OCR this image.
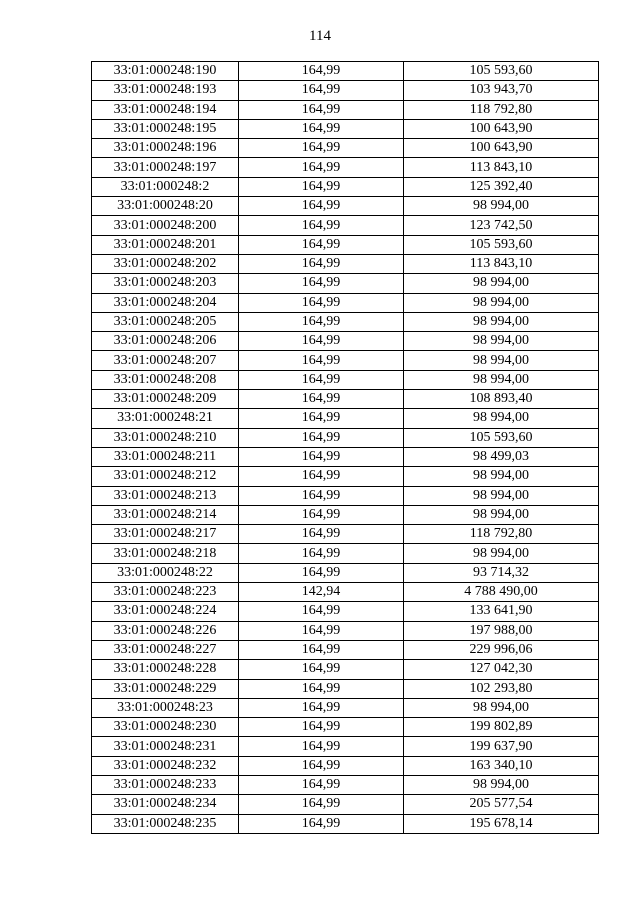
114
33:01:000248:190	164,99	105 593,60
33:01:000248:193	164,99	103 943,70
33:01:000248:194	164,99	118 792,80
33:01:000248:195	164,99	100 643,90
33:01:000248:196	164,99	100 643,90
33:01:000248:197	164,99	113 843,10
33:01:000248:2	164,99	125 392,40
33:01:000248:20	164,99	98 994,00
33:01:000248:200	164,99	123 742,50
33:01:000248:201	164,99	105 593,60
33:01:000248:202	164,99	113 843,10
33:01:000248:203	164,99	98 994,00
33:01:000248:204	164,99	98 994,00
33:01:000248:205	164,99	98 994,00
33:01:000248:206	164,99	98 994,00
33:01:000248:207	164,99	98 994,00
33:01:000248:208	164,99	98 994,00
33:01:000248:209	164,99	108 893,40
33:01:000248:21	164,99	98 994,00
33:01:000248:210	164,99	105 593,60
33:01:000248:211	164,99	98 499,03
33:01:000248:212	164,99	98 994,00
33:01:000248:213	164,99	98 994,00
33:01:000248:214	164,99	98 994,00
33:01:000248:217	164,99	118 792,80
33:01:000248:218	164,99	98 994,00
33:01:000248:22	164,99	93 714,32
33:01:000248:223	142,94	4 788 490,00
33:01:000248:224	164,99	133 641,90
33:01:000248:226	164,99	197 988,00
33:01:000248:227	164,99	229 996,06
33:01:000248:228	164,99	127 042,30
33:01:000248:229	164,99	102 293,80
33:01:000248:23	164,99	98 994,00
33:01:000248:230	164,99	199 802,89
33:01:000248:231	164,99	199 637,90
33:01:000248:232	164,99	163 340,10
33:01:000248:233	164,99	98 994,00
33:01:000248:234	164,99	205 577,54
33:01:000248:235	164,99	195 678,14
